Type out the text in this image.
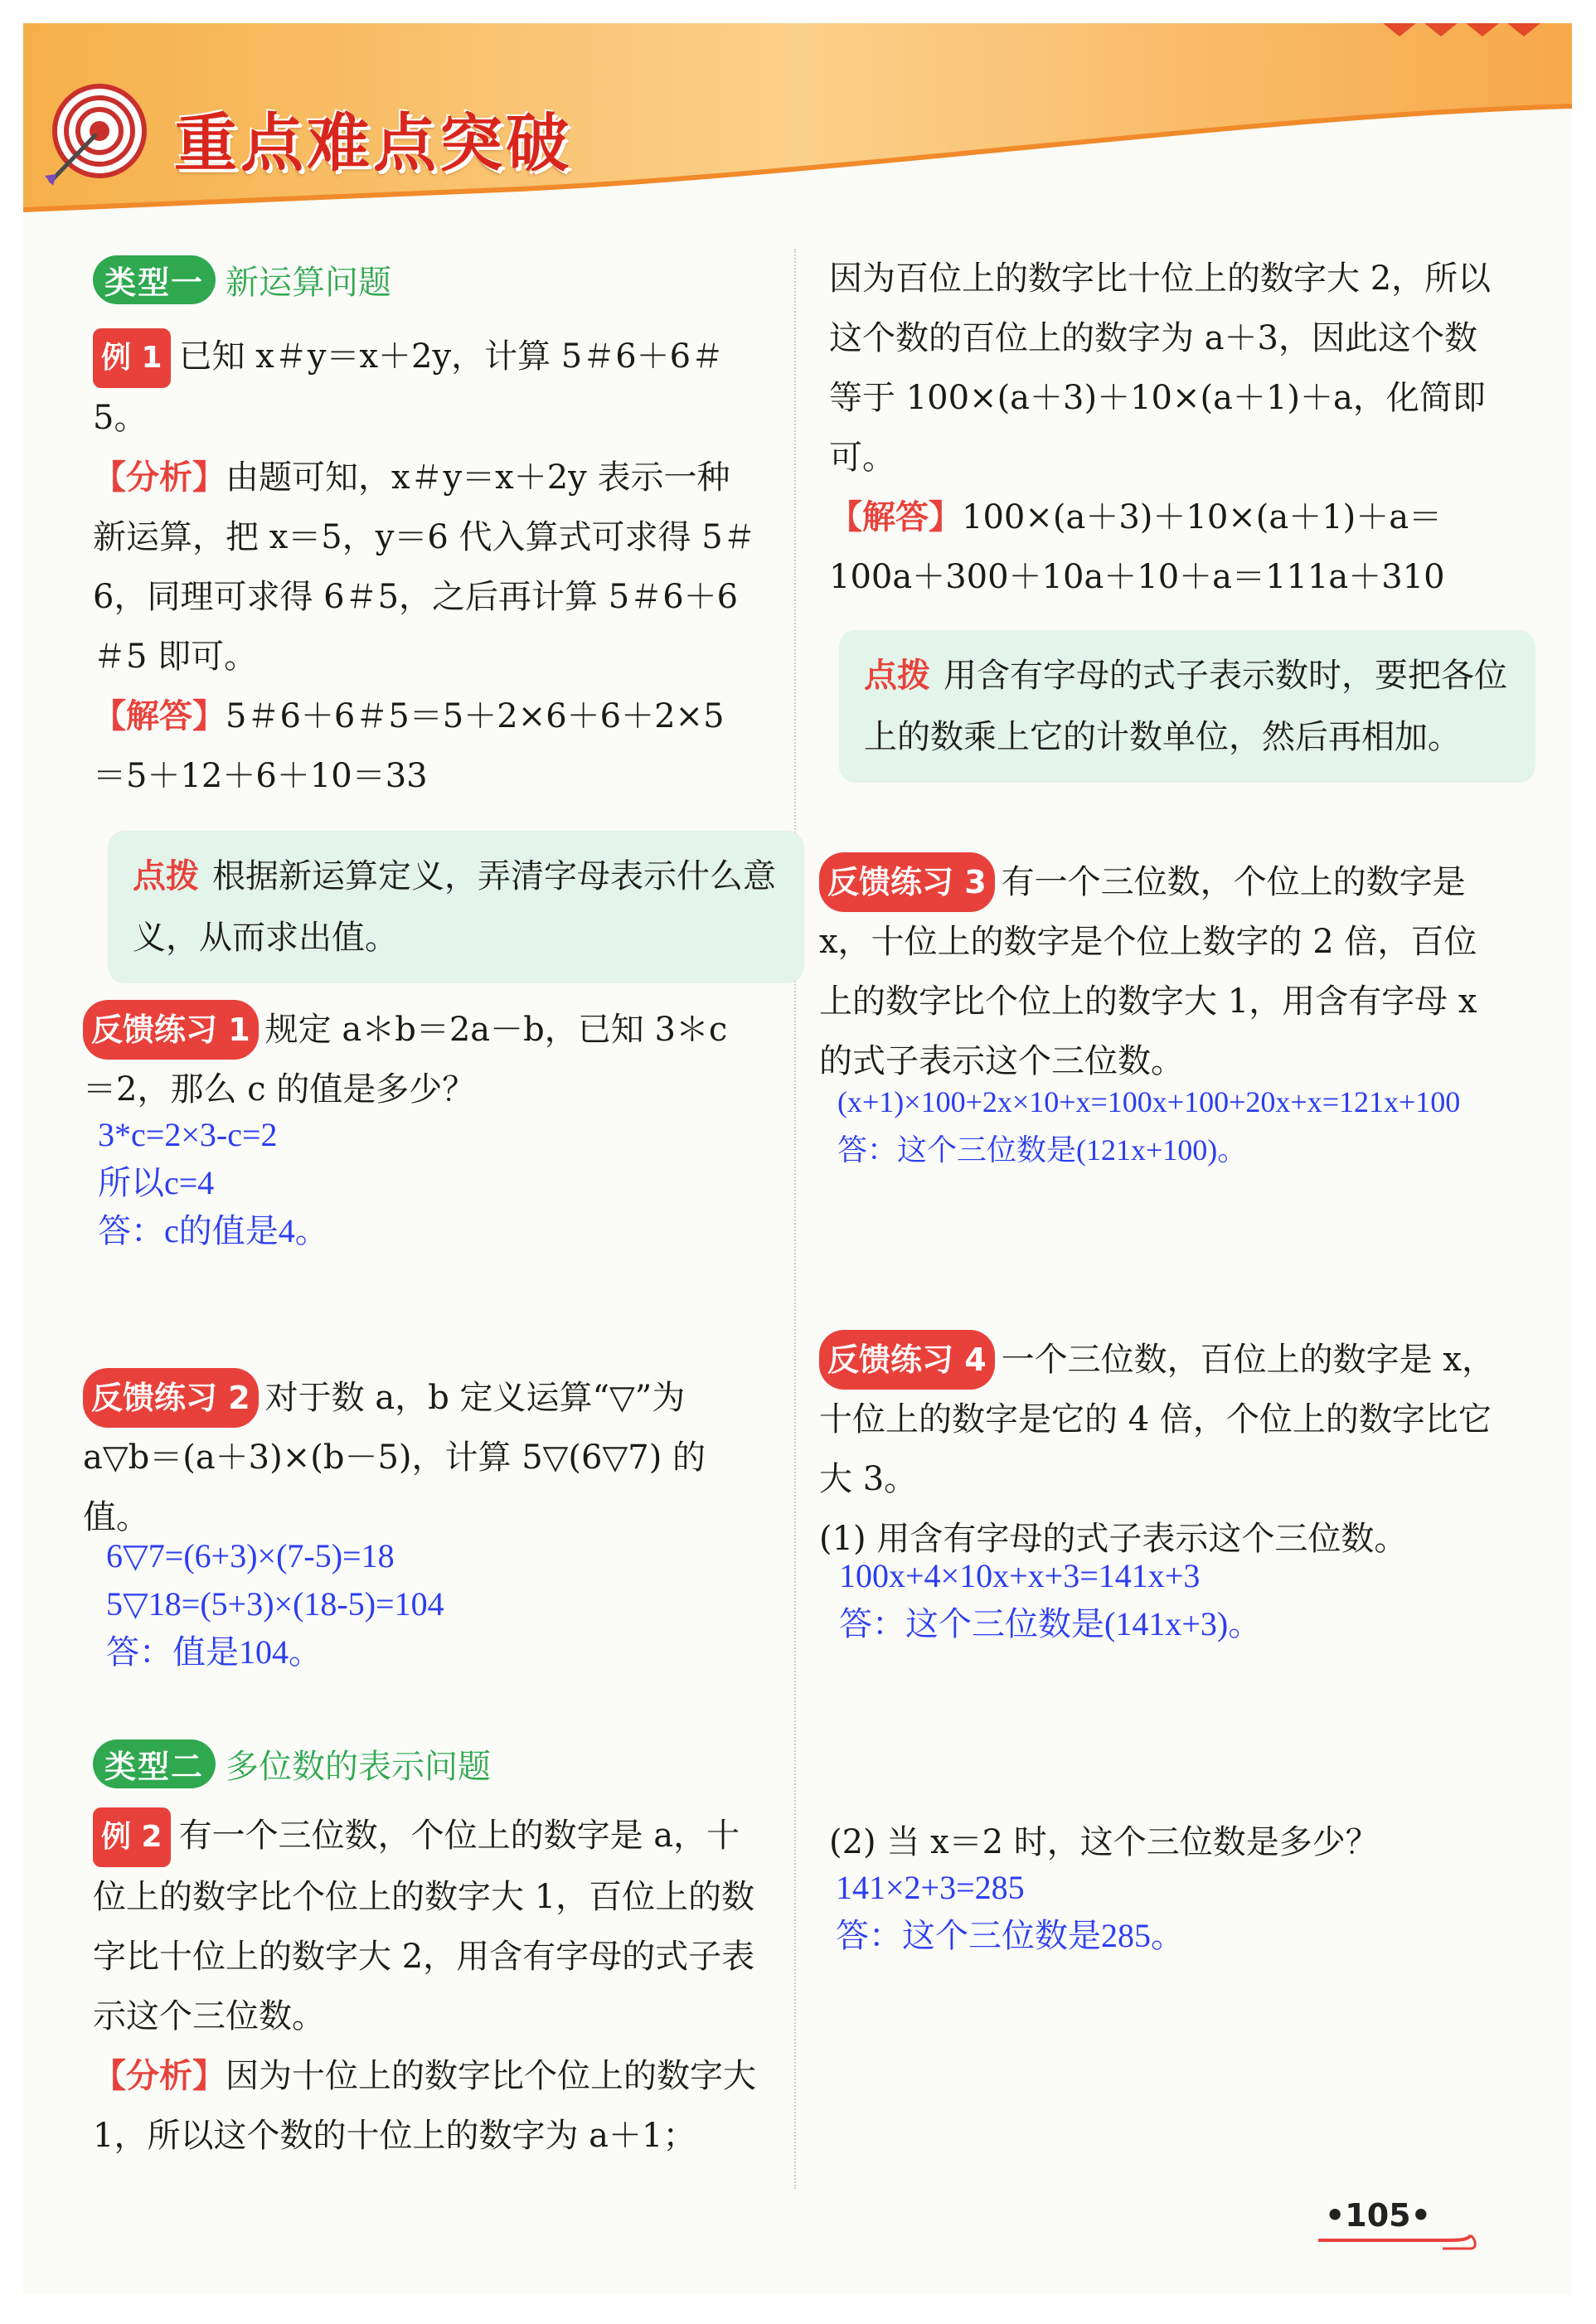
重点难点突破
类型一 新运算问题

例 1 已知 x＃y＝x＋2y，计算 5＃6＋6＃5。

【分析】由题可知，x＃y＝x＋2y 表示一种新运算，把 x＝5，y＝6 代入算式可求得 5＃6，同理可求得 6＃5，之后再计算 5＃6＋6＃5 即可。

【解答】5＃6＋6＃5＝5＋2×6＋6＋2×5＝5＋12＋6＋10＝33

点拨 根据新运算定义，弄清字母表示什么意义，从而求出值。

反馈练习 1 规定 a＊b＝2a－b，已知 3＊c＝2，那么 c 的值是多少？

3*c=2×3-c=2
所以c=4
答：c的值是4。

反馈练习 2 对于数 a，b 定义运算“▽”为 a▽b＝(a＋3)×(b－5)，计算 5▽(6▽7) 的值。

6▽7=(6+3)×(7-5)=18
5▽18=(5+3)×(18-5)=104
答：值是104。
类型二 多位数的表示问题

例 2 有一个三位数，个位上的数字是 a，十位上的数字比个位上的数字大 1，百位上的数字比十位上的数字大 2，用含有字母的式子表示这个三位数。

【分析】因为十位上的数字比个位上的数字大 1，所以这个数的十位上的数字为 a＋1；

因为百位上的数字比十位上的数字大 2，所以这个数的百位上的数字为 a＋3，因此这个数等于 100×(a＋3)＋10×(a＋1)＋a，化简即可。

【解答】100×(a＋3)＋10×(a＋1)＋a＝100a＋300＋10a＋10＋a＝111a＋310

点拨 用含有字母的式子表示数时，要把各位上的数乘上它的计数单位，然后再相加。

反馈练习 3 有一个三位数，个位上的数字是 x，十位上的数字是个位上数字的 2 倍，百位上的数字比个位上的数字大 1，用含有字母 x 的式子表示这个三位数。

(x+1)×100+2x×10+x=100x+100+20x+x=121x+100
答：这个三位数是(121x+100)。

反馈练习 4 一个三位数，百位上的数字是 x，十位上的数字是它的 4 倍，个位上的数字比它大 3。

(1) 用含有字母的式子表示这个三位数。

100x+4×10x+x+3=141x+3
答：这个三位数是(141x+3)。

(2) 当 x＝2 时，这个三位数是多少？

141×2+3=285
答：这个三位数是285。
•105•
